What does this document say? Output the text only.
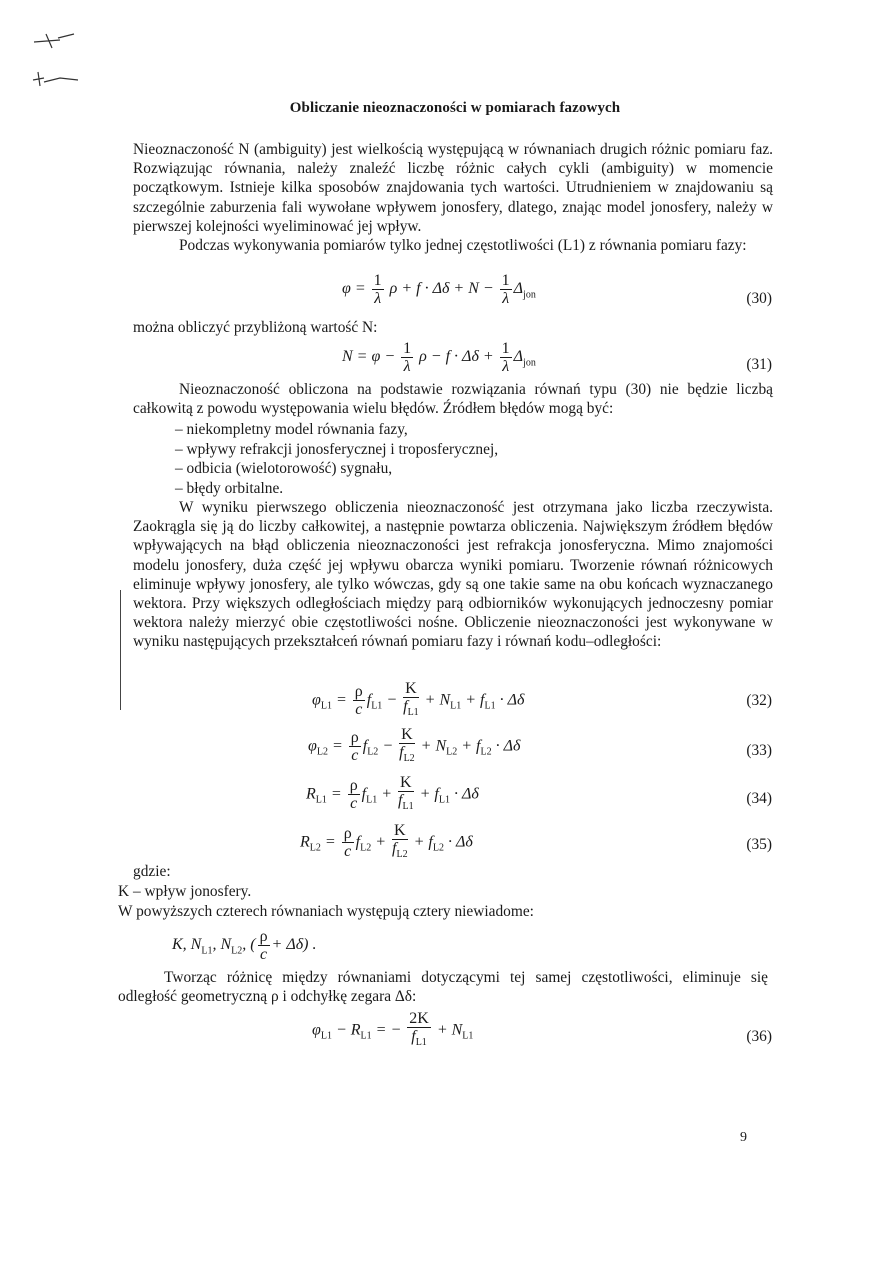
Obliczanie nieoznaczoności w pomiarach fazowych

Nieoznaczoność N (ambiguity) jest wielkością występującą w równaniach drugich różnic pomiaru faz. Rozwiązując równania, należy znaleźć liczbę różnic całych cykli (ambiguity) w momencie początkowym. Istnieje kilka sposobów znajdowania tych wartości. Utrudnieniem w znajdowaniu są szczególnie zaburzenia fali wywołane wpływem jonosfery, dlatego, znając model jonosfery, należy w pierwszej kolejności wyeliminować jej wpływ.

Podczas wykonywania pomiarów tylko jednej częstotliwości (L1) z równania pomiaru fazy:

$\varphi = \frac{1}{\lambda}$ $\rho + f \cdot \Delta\delta + N - \frac{1}{\lambda} \Delta_{jon}$	(30)

można obliczyć przybliżoną wartość N:

$N = \varphi - \frac{1}{\lambda}$ $\rho - f \cdot \Delta\delta + \frac{1}{\lambda} \Delta_{jon}$	(31)

Nieoznaczoność obliczona na podstawie rozwiązania równań typu (30) nie będzie liczbą całkowitą z powodu występowania wielu błędów. Źródłem błędów mogą być:

– niekompletny model równania fazy,
– wpływy refrakcji jonosferycznej i troposferycznej,
– odbicia (wielotorowość) sygnału,
– błędy orbitalne.

W wyniku pierwszego obliczenia nieoznaczoność jest otrzymana jako liczba rzeczywista. Zaokrągla się ją do liczby całkowitej, a następnie powtarza obliczenia. Największym źródłem błędów wpływających na błąd obliczenia nieoznaczoności jest refrakcja jonosferyczna. Mimo znajomości modelu jonosfery, duża część jej wpływu obarcza wyniki pomiaru. Tworzenie równań różnicowych eliminuje wpływy jonosfery, ale tylko wówczas, gdy są one takie same na obu końcach wyznaczanego wektora. Przy większych odległościach między parą odbiorników wykonujących jednoczesny pomiar wektora należy mierzyć obie częstotliwości nośne. Obliczenie nieoznaczoności jest wykonywane w wyniku następujących przekształceń równań pomiaru fazy i równań kodu–odległości:

$\varphi_{L1} = \frac{\rho}{c} f_{L1} - \frac{K}{f_{L1}} + N_{L1} + f_{L1} \cdot \Delta\delta$	(32)
$\varphi_{L2} = \frac{\rho}{c} f_{L2} - \frac{K}{f_{L2}} + N_{L2} + f_{L2} \cdot \Delta\delta$	(33)
$R_{L1} = \frac{\rho}{c} f_{L1} + \frac{K}{f_{L1}} + f_{L1} \cdot \Delta\delta$	(34)
$R_{L2} = \frac{\rho}{c} f_{L2} + \frac{K}{f_{L2}} + f_{L2} \cdot \Delta\delta$	(35)

gdzie:

K – wpływ jonosfery.

W powyższych czterech równaniach występują cztery niewiadome:

K, $N_{L1}$, $N_{L2}$, ( $\frac{\rho}{c} + \Delta\delta$) .

Tworząc różnicę między równaniami dotyczącymi tej samej częstotliwości, eliminuje się odległość geometryczną ρ i odchyłkę zegara Δδ:

$\varphi_{L1} - R_{L1}$ = − $\frac{2K}{f_{L1}} + N_{L1}$	(36)
9
